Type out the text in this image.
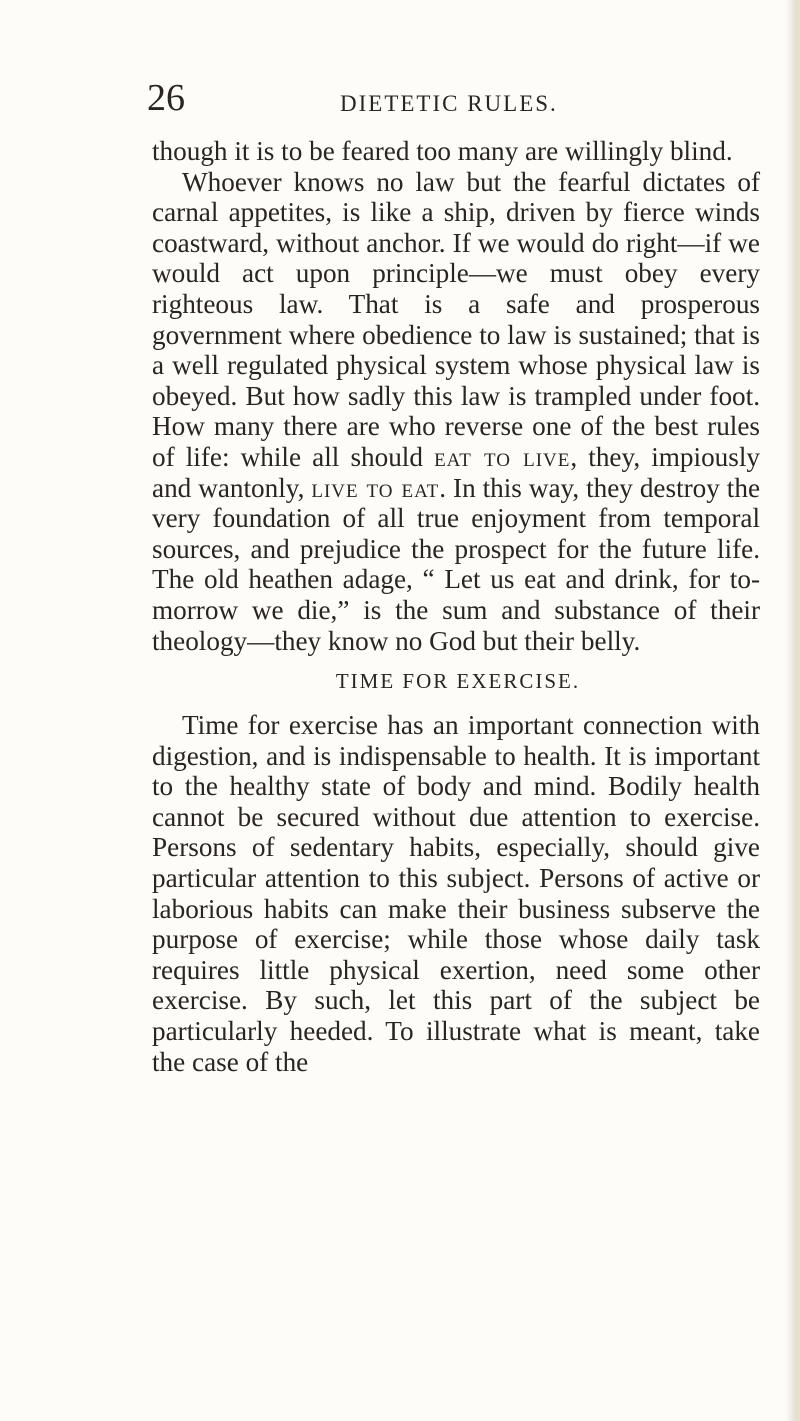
26	DIETETIC RULES.

though it is to be feared too many are willingly blind.

Whoever knows no law but the fearful dictates of carnal appetites, is like a ship, driven by fierce winds coastward, without anchor. If we would do right—if we would act upon principle—we must obey every righteous law. That is a safe and prosperous government where obedience to law is sustained; that is a well regulated physical system whose physical law is obeyed. But how sadly this law is trampled under foot. How many there are who reverse one of the best rules of life: while all should eat to live, they, impiously and wantonly, live to eat. In this way, they destroy the very foundation of all true enjoyment from temporal sources, and prejudice the prospect for the future life. The old heathen adage, “ Let us eat and drink, for to-morrow we die,” is the sum and substance of their theology—they know no God but their belly.

TIME FOR EXERCISE.

Time for exercise has an important connection with digestion, and is indispensable to health. It is important to the healthy state of body and mind. Bodily health cannot be secured without due attention to exercise. Persons of sedentary habits, especially, should give particular attention to this subject. Persons of active or laborious habits can make their business subserve the purpose of exercise; while those whose daily task requires little physical exertion, need some other exercise. By such, let this part of the subject be particularly heeded. To illustrate what is meant, take the case of the
